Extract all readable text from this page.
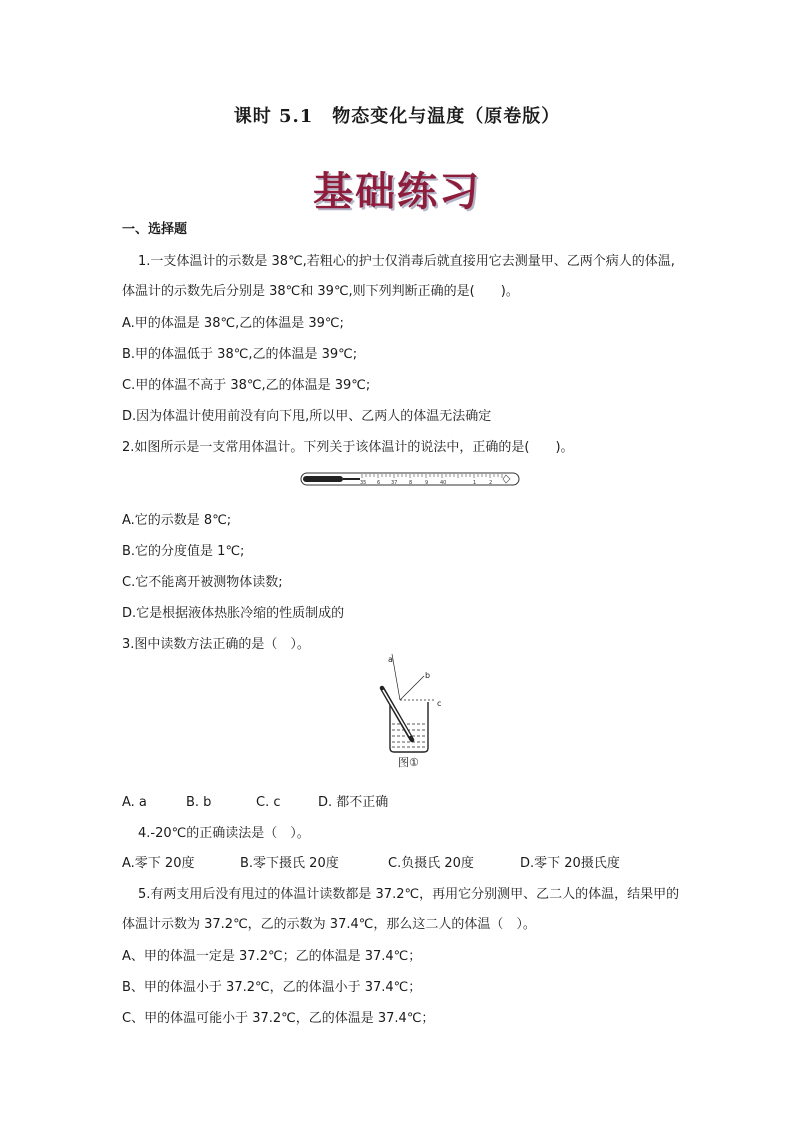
课时 5.1　物态变化与温度（原卷版）
基础练习
一、选择题
1.一支体温计的示数是 38℃,若粗心的护士仅消毒后就直接用它去测量甲、乙两个病人的体温,
体温计的示数先后分别是 38℃和 39℃,则下列判断正确的是(　　)。
A.甲的体温是 38℃,乙的体温是 39℃;
B.甲的体温低于 38℃,乙的体温是 39℃;
C.甲的体温不高于 38℃,乙的体温是 39℃;
D.因为体温计使用前没有向下甩,所以甲、乙两人的体温无法确定
2.如图所示是一支常用体温计。下列关于该体温计的说法中，正确的是(　　)。
35 6 37 8	9 40	1	2
A.它的示数是 8℃;
B.它的分度值是 1℃;
C.它不能离开被测物体读数;
D.它是根据液体热胀冷缩的性质制成的
3.图中读数方法正确的是（　）。
a
b
c
图①
A. a	B. b	C. c	D. 都不正确
4.-20℃的正确读法是（　）。
A.零下 20度	B.零下摄氏 20度	C.负摄氏 20度	D.零下 20摄氏度
5.有两支用后没有甩过的体温计读数都是 37.2℃，再用它分别测甲、乙二人的体温，结果甲的
体温计示数为 37.2℃，乙的示数为 37.4℃，那么这二人的体温（　）。
A、甲的体温一定是 37.2℃；乙的体温是 37.4℃；
B、甲的体温小于 37.2℃，乙的体温小于 37.4℃；
C、甲的体温可能小于 37.2℃，乙的体温是 37.4℃；
